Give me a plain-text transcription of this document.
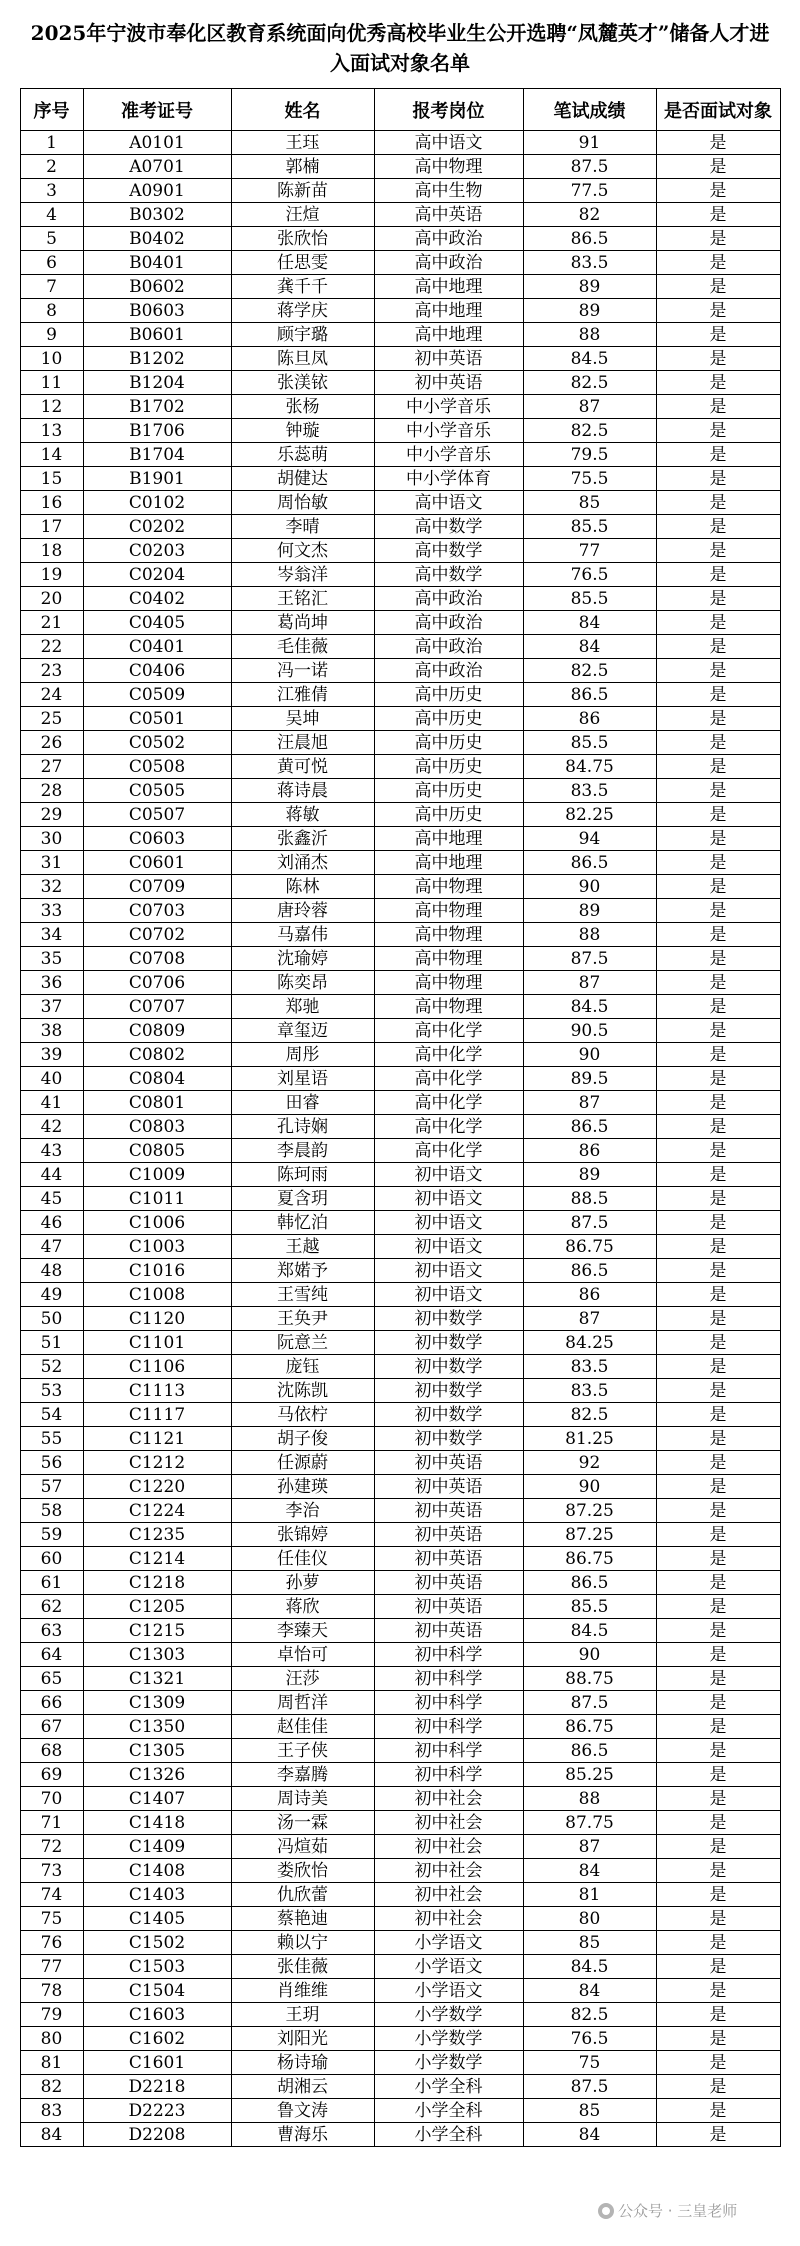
2025年宁波市奉化区教育系统面向优秀高校毕业生公开选聘“凤麓英才”储备人才进
入面试对象名单
序号	准考证号	姓名	报考岗位	笔试成绩	是否面试对象
1	A0101	王珏	高中语文	91	是
2	A0701	郭楠	高中物理	87.5	是
3	A0901	陈新苗	高中生物	77.5	是
4	B0302	汪煊	高中英语	82	是
5	B0402	张欣怡	高中政治	86.5	是
6	B0401	任思雯	高中政治	83.5	是
7	B0602	龚千千	高中地理	89	是
8	B0603	蒋学庆	高中地理	89	是
9	B0601	顾宇璐	高中地理	88	是
10	B1202	陈旦凤	初中英语	84.5	是
11	B1204	张渼铱	初中英语	82.5	是
12	B1702	张杨	中小学音乐	87	是
13	B1706	钟璇	中小学音乐	82.5	是
14	B1704	乐蕊萌	中小学音乐	79.5	是
15	B1901	胡健达	中小学体育	75.5	是
16	C0102	周怡敏	高中语文	85	是
17	C0202	李晴	高中数学	85.5	是
18	C0203	何文杰	高中数学	77	是
19	C0204	岑翁洋	高中数学	76.5	是
20	C0402	王铭汇	高中政治	85.5	是
21	C0405	葛尚坤	高中政治	84	是
22	C0401	毛佳薇	高中政治	84	是
23	C0406	冯一诺	高中政治	82.5	是
24	C0509	江雅倩	高中历史	86.5	是
25	C0501	吴坤	高中历史	86	是
26	C0502	汪晨旭	高中历史	85.5	是
27	C0508	黄可悦	高中历史	84.75	是
28	C0505	蒋诗晨	高中历史	83.5	是
29	C0507	蒋敏	高中历史	82.25	是
30	C0603	张鑫沂	高中地理	94	是
31	C0601	刘涌杰	高中地理	86.5	是
32	C0709	陈林	高中物理	90	是
33	C0703	唐玲蓉	高中物理	89	是
34	C0702	马嘉伟	高中物理	88	是
35	C0708	沈瑜婷	高中物理	87.5	是
36	C0706	陈奕昂	高中物理	87	是
37	C0707	郑驰	高中物理	84.5	是
38	C0809	章玺迈	高中化学	90.5	是
39	C0802	周彤	高中化学	90	是
40	C0804	刘星语	高中化学	89.5	是
41	C0801	田睿	高中化学	87	是
42	C0803	孔诗娴	高中化学	86.5	是
43	C0805	李晨韵	高中化学	86	是
44	C1009	陈珂雨	初中语文	89	是
45	C1011	夏含玥	初中语文	88.5	是
46	C1006	韩忆泊	初中语文	87.5	是
47	C1003	王越	初中语文	86.75	是
48	C1016	郑婼予	初中语文	86.5	是
49	C1008	王雪纯	初中语文	86	是
50	C1120	王奂尹	初中数学	87	是
51	C1101	阮意兰	初中数学	84.25	是
52	C1106	庞钰	初中数学	83.5	是
53	C1113	沈陈凯	初中数学	83.5	是
54	C1117	马依柠	初中数学	82.5	是
55	C1121	胡子俊	初中数学	81.25	是
56	C1212	任源蔚	初中英语	92	是
57	C1220	孙建瑛	初中英语	90	是
58	C1224	李治	初中英语	87.25	是
59	C1235	张锦婷	初中英语	87.25	是
60	C1214	任佳仪	初中英语	86.75	是
61	C1218	孙萝	初中英语	86.5	是
62	C1205	蒋欣	初中英语	85.5	是
63	C1215	李臻天	初中英语	84.5	是
64	C1303	卓怡可	初中科学	90	是
65	C1321	汪莎	初中科学	88.75	是
66	C1309	周哲洋	初中科学	87.5	是
67	C1350	赵佳佳	初中科学	86.75	是
68	C1305	王子侠	初中科学	86.5	是
69	C1326	李嘉腾	初中科学	85.25	是
70	C1407	周诗美	初中社会	88	是
71	C1418	汤一霖	初中社会	87.75	是
72	C1409	冯煊茹	初中社会	87	是
73	C1408	娄欣怡	初中社会	84	是
74	C1403	仇欣蕾	初中社会	81	是
75	C1405	蔡艳迪	初中社会	80	是
76	C1502	赖以宁	小学语文	85	是
77	C1503	张佳薇	小学语文	84.5	是
78	C1504	肖维维	小学语文	84	是
79	C1603	王玥	小学数学	82.5	是
80	C1602	刘阳光	小学数学	76.5	是
81	C1601	杨诗瑜	小学数学	75	是
82	D2218	胡湘云	小学全科	87.5	是
83	D2223	鲁文涛	小学全科	85	是
84	D2208	曹海乐	小学全科	84	是
公众号 · 三皇老师
